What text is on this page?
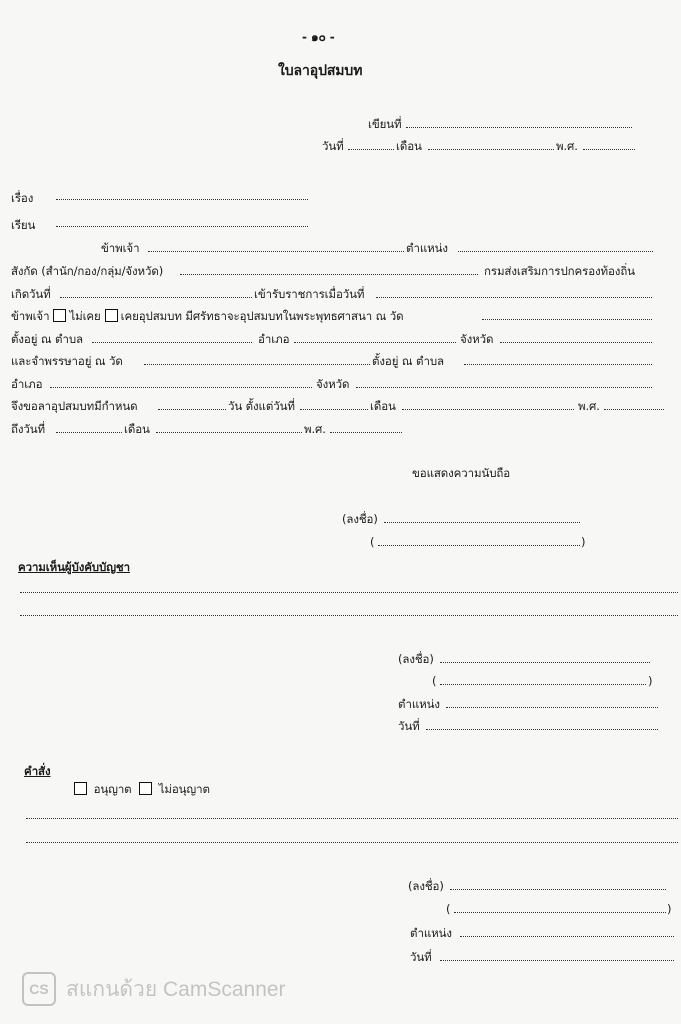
- ๑๐ -
ใบลาอุปสมบท
เขียนที่
วันที่	เดือน	พ.ศ.
เรื่อง
เรียน
ข้าพเจ้า	ตำแหน่ง
สังกัด (สำนัก/กอง/กลุ่ม/จังหวัด)	กรมส่งเสริมการปกครองท้องถิ่น
เกิดวันที่	เข้ารับราชการเมื่อวันที่
ข้าพเจ้า ไม่เคย เคยอุปสมบท มีศรัทธาจะอุปสมบทในพระพุทธศาสนา ณ วัด
ตั้งอยู่ ณ ตำบล	อำเภอ	จังหวัด
และจำพรรษาอยู่ ณ วัด	ตั้งอยู่ ณ ตำบล
อำเภอ	จังหวัด
จึงขอลาอุปสมบทมีกำหนด	วัน ตั้งแต่วันที่	เดือน	พ.ศ.
ถึงวันที่	เดือน	พ.ศ.
ขอแสดงความนับถือ
(ลงชื่อ)
(	)
ความเห็นผู้บังคับบัญชา
(ลงชื่อ)
(	)
ตำแหน่ง
วันที่
คำสั่ง
อนุญาต ไม่อนุญาต
(ลงชื่อ)
(	)
ตำแหน่ง
วันที่
CS สแกนด้วย CamScanner
